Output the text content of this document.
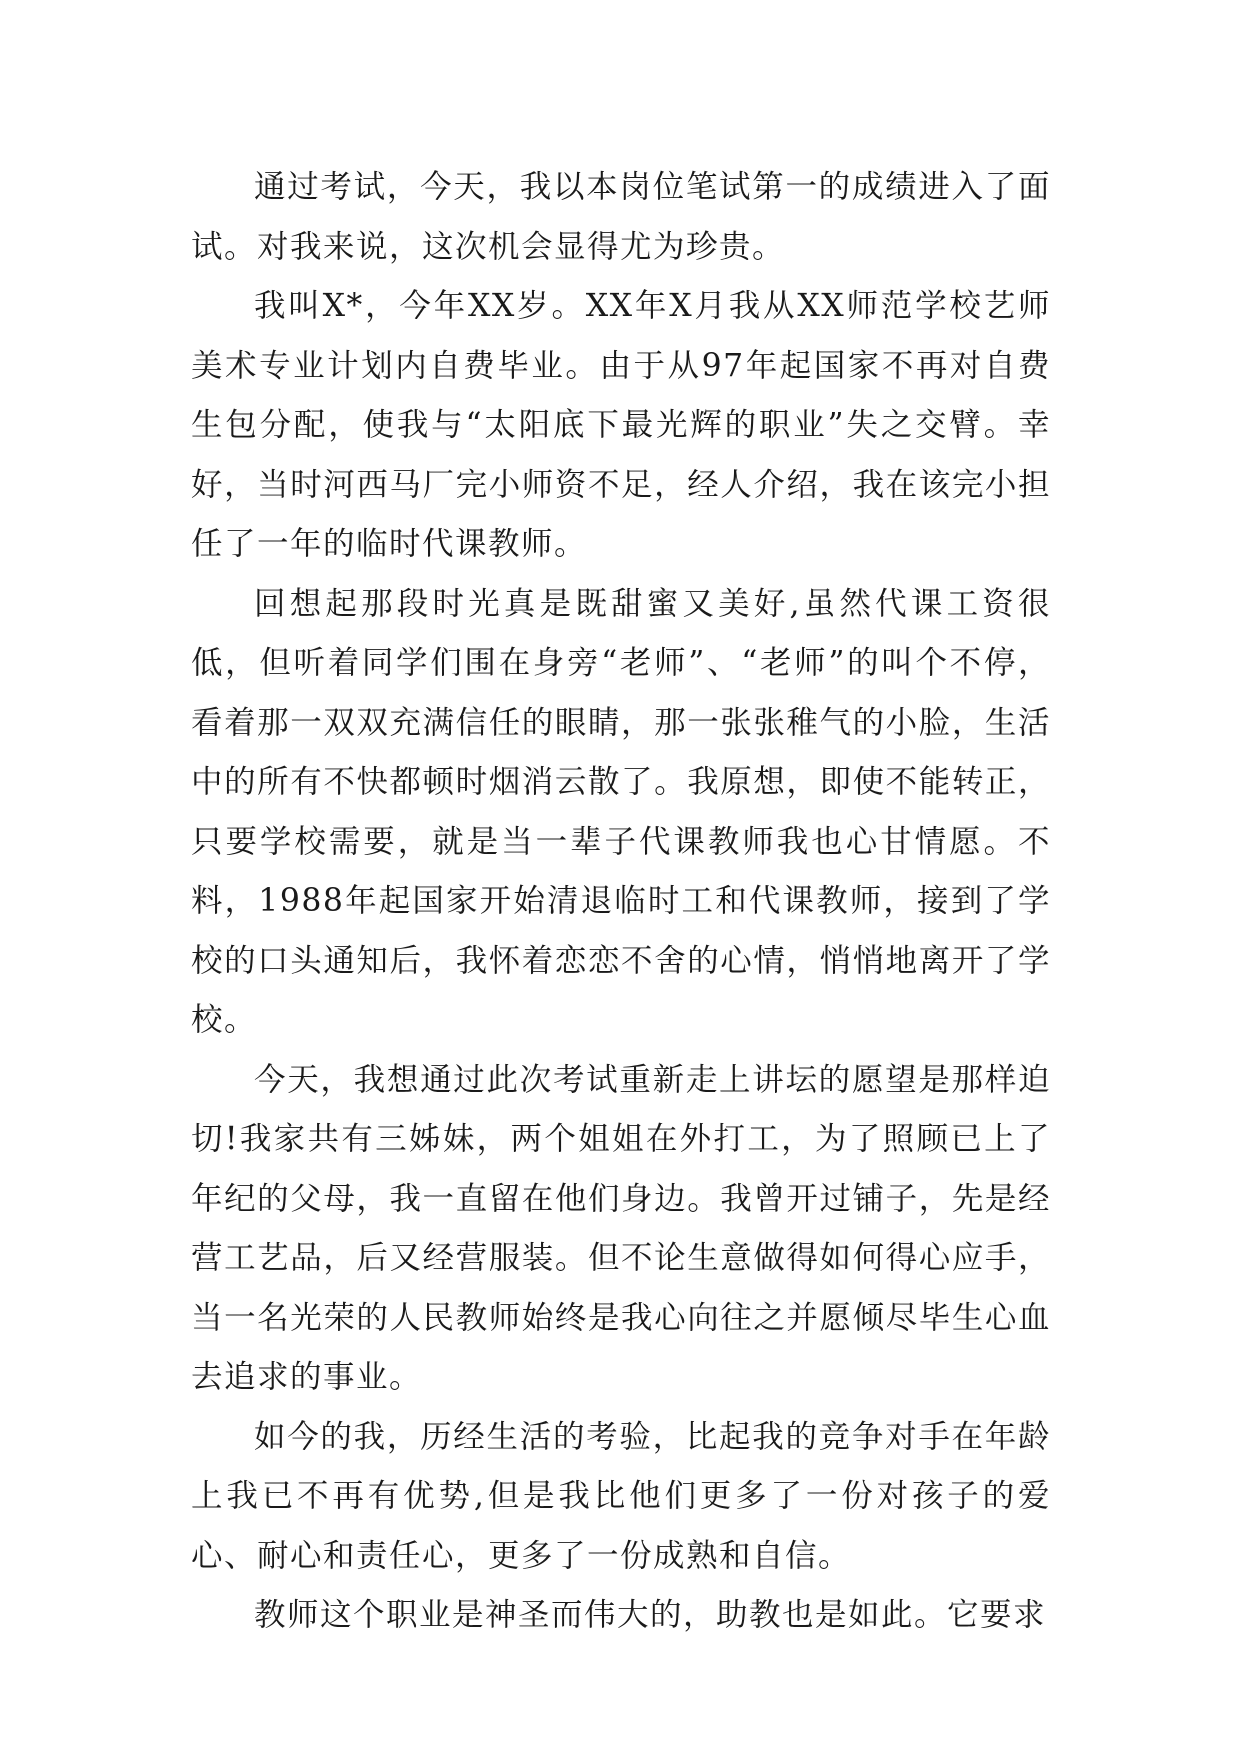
通过考试，今天，我以本岗位笔试第一的成绩进入了面试。对我来说，这次机会显得尤为珍贵。

我叫X*，今年XX岁。XX年X月我从XX师范学校艺师美术专业计划内自费毕业。由于从97年起国家不再对自费生包分配，使我与“太阳底下最光辉的职业”失之交臂。幸好，当时河西马厂完小师资不足，经人介绍，我在该完小担任了一年的临时代课教师。

回想起那段时光真是既甜蜜又美好,虽然代课工资很低，但听着同学们围在身旁“老师”、“老师”的叫个不停，看着那一双双充满信任的眼睛，那一张张稚气的小脸，生活中的所有不快都顿时烟消云散了。我原想，即使不能转正，只要学校需要，就是当一辈子代课教师我也心甘情愿。不料，1988年起国家开始清退临时工和代课教师，接到了学校的口头通知后，我怀着恋恋不舍的心情，悄悄地离开了学校。

今天，我想通过此次考试重新走上讲坛的愿望是那样迫切!我家共有三姊妹，两个姐姐在外打工，为了照顾已上了年纪的父母，我一直留在他们身边。我曾开过铺子，先是经营工艺品，后又经营服装。但不论生意做得如何得心应手，当一名光荣的人民教师始终是我心向往之并愿倾尽毕生心血去追求的事业。

如今的我，历经生活的考验，比起我的竞争对手在年龄上我已不再有优势,但是我比他们更多了一份对孩子的爱心、耐心和责任心，更多了一份成熟和自信。

教师这个职业是神圣而伟大的，助教也是如此。它要求
